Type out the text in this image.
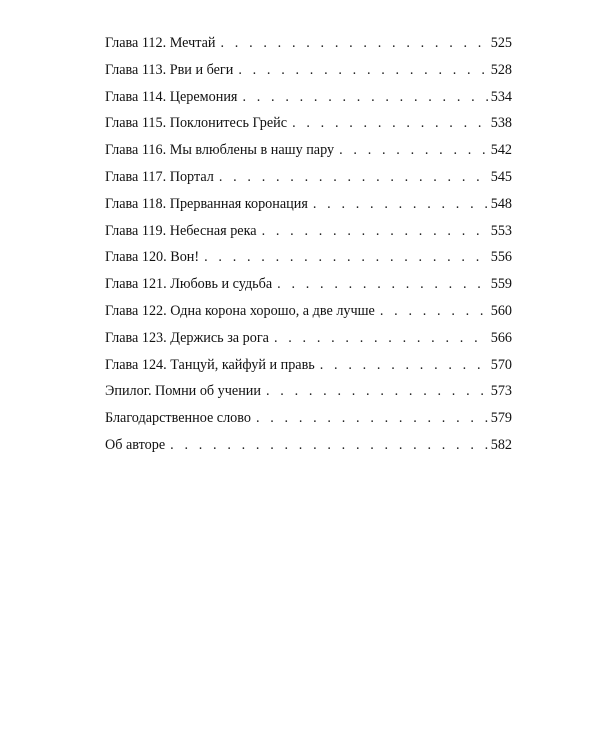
Глава 112. Мечтай . . .	525
Глава 113. Рви и беги . . .	528
Глава 114. Церемония . . .	534
Глава 115. Поклонитесь Грейс . . .	538
Глава 116. Мы влюблены в нашу пару . . .	542
Глава 117. Портал . . .	545
Глава 118. Прерванная коронация . . .	548
Глава 119. Небесная река . . .	553
Глава 120. Вон! . . .	556
Глава 121. Любовь и судьба . . .	559
Глава 122. Одна корона хорошо, а две лучше . . .	560
Глава 123. Держись за рога . . .	566
Глава 124. Танцуй, кайфуй и правь . . .	570
Эпилог. Помни об учении . . .	573
Благодарственное слово . . .	579
Об авторе . . .	582
